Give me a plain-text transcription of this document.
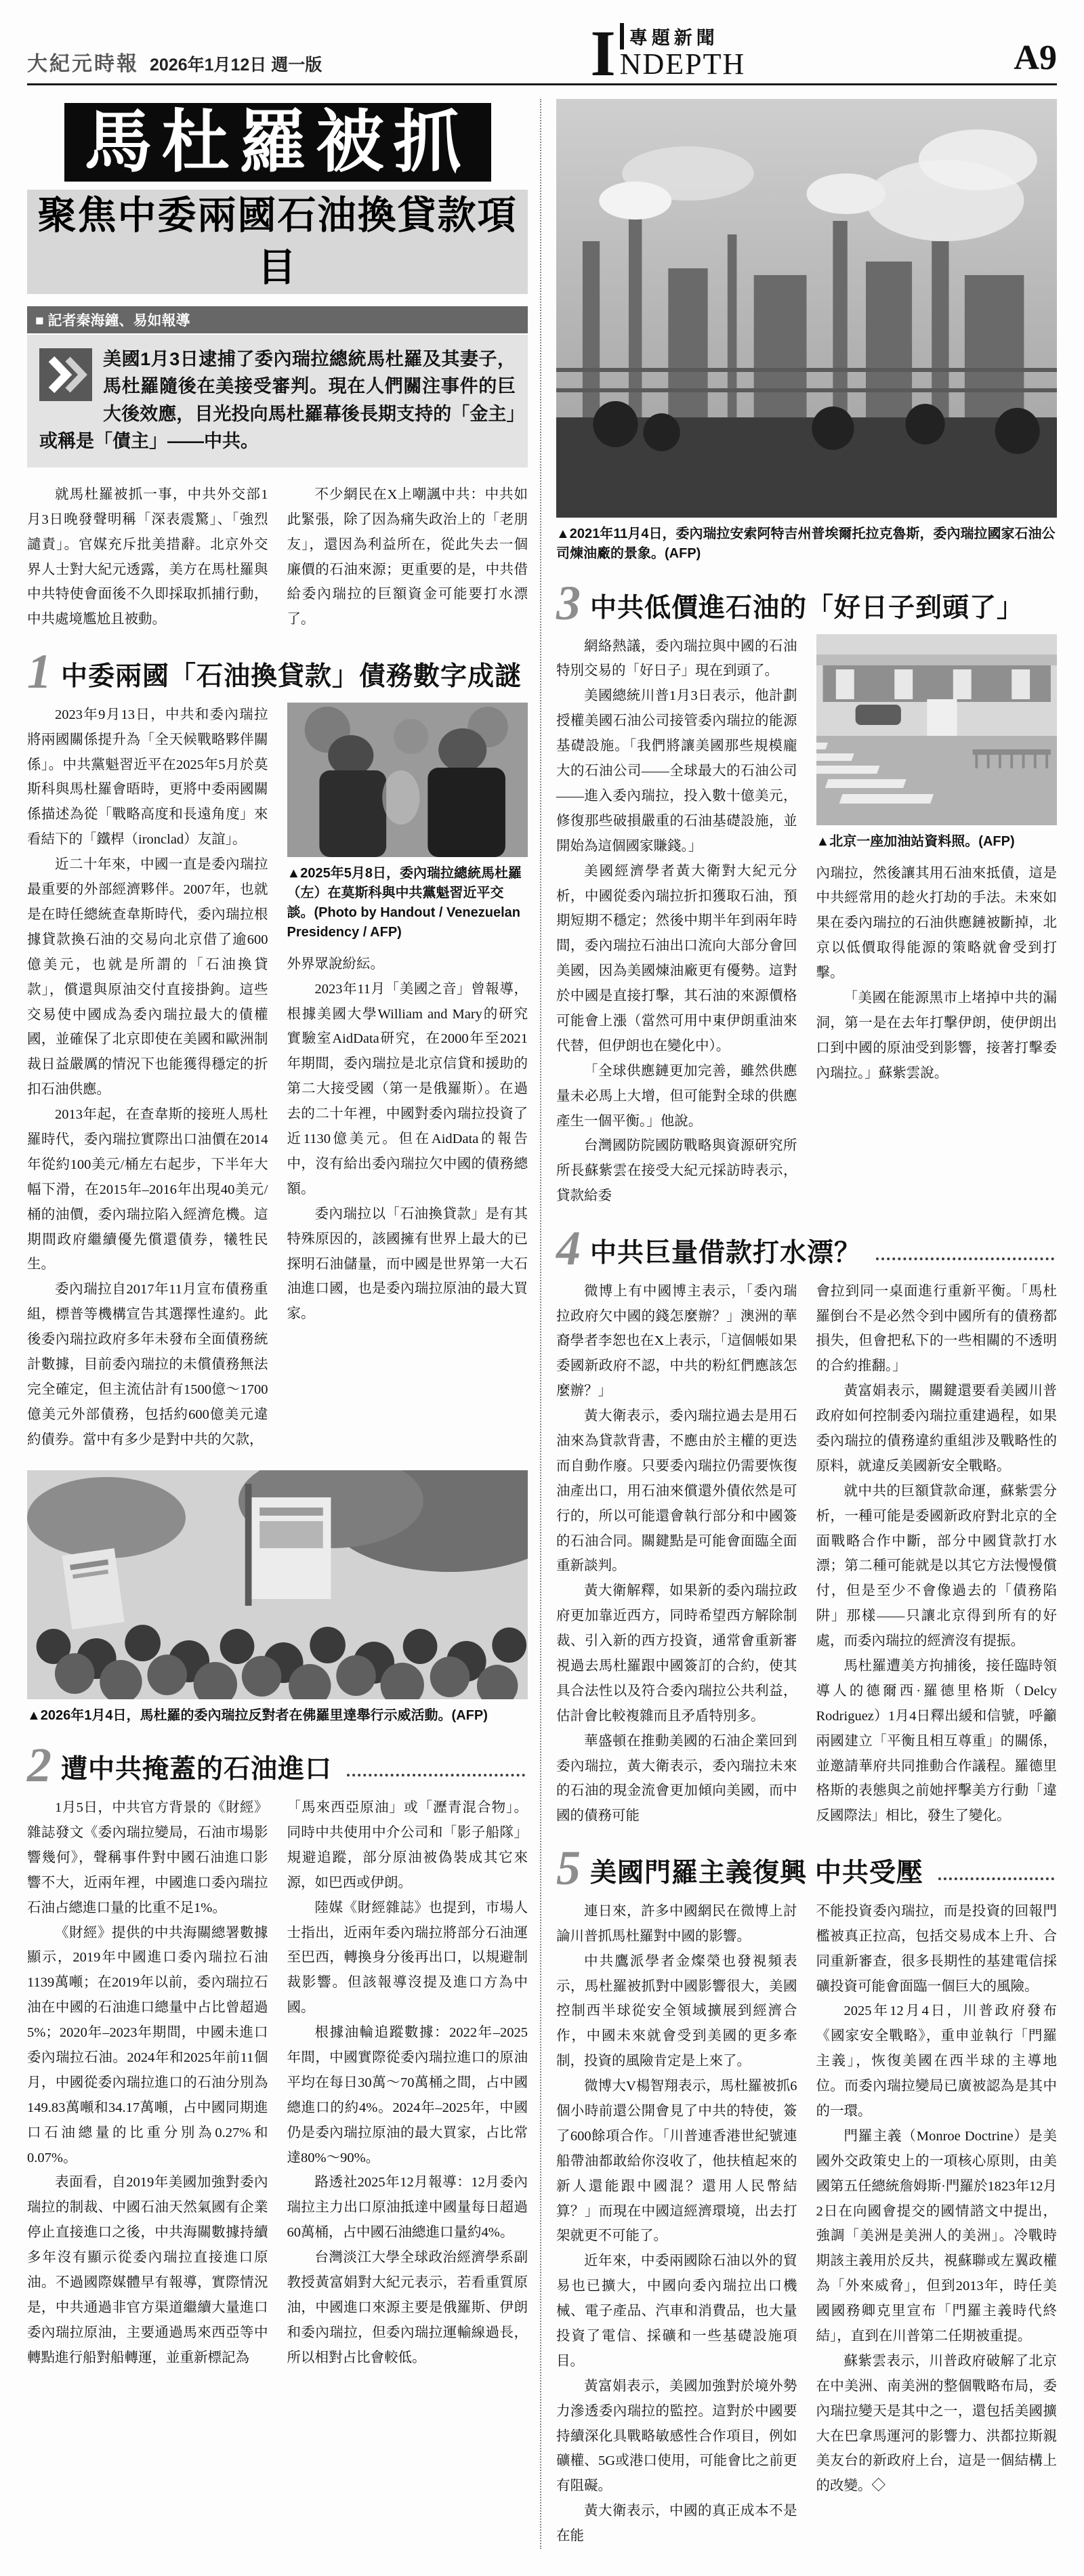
大紀元時報 2026年1月12日 週一版	I 專題新聞
NDEPTH	A9
馬杜羅被抓
聚焦中委兩國石油換貸款項目
■ 記者秦海鐘、易如報導
美國1月3日逮捕了委內瑞拉總統馬杜羅及其妻子，馬杜羅隨後在美接受審判。現在人們關注事件的巨大後效應，目光投向馬杜羅幕後長期支持的「金主」或稱是「債主」——中共。

就馬杜羅被抓一事，中共外交部1月3日晚發聲明稱「深表震驚」、「強烈譴責」。官媒充斥批美措辭。北京外交界人士對大紀元透露，美方在馬杜羅與中共特使會面後不久即採取抓捕行動，中共處境尷尬且被動。

不少網民在X上嘲諷中共：中共如此緊張，除了因為痛失政治上的「老朋友」，還因為利益所在，從此失去一個廉價的石油來源；更重要的是，中共借給委內瑞拉的巨額資金可能要打水漂了。

1 中委兩國「石油換貸款」債務數字成謎

2023年9月13日，中共和委內瑞拉將兩國關係提升為「全天候戰略夥伴關係」。中共黨魁習近平在2025年5月於莫斯科與馬杜羅會晤時，更將中委兩國關係描述為從「戰略高度和長遠角度」來看結下的「鐵桿（ironclad）友誼」。

近二十年來，中國一直是委內瑞拉最重要的外部經濟夥伴。2007年，也就是在時任總統查韋斯時代，委內瑞拉根據貸款換石油的交易向北京借了逾600億美元，也就是所謂的「石油換貸款」，償還與原油交付直接掛鉤。這些交易使中國成為委內瑞拉最大的債權國，並確保了北京即使在美國和歐洲制裁日益嚴厲的情況下也能獲得穩定的折扣石油供應。

2013年起，在查韋斯的接班人馬杜羅時代，委內瑞拉實際出口油價在2014年從約100美元/桶左右起步，下半年大幅下滑，在2015年–2016年出現40美元/桶的油價，委內瑞拉陷入經濟危機。這期間政府繼續優先償還債券，犧牲民生。

委內瑞拉自2017年11月宣布債務重組，標普等機構宣告其選擇性違約。此後委內瑞拉政府多年未發布全面債務統計數據，目前委內瑞拉的未償債務無法完全確定，但主流估計有1500億～1700億美元外部債務，包括約600億美元違約債券。當中有多少是對中共的欠款，

▲2025年5月8日，委內瑞拉總統馬杜羅（左）在莫斯科與中共黨魁習近平交談。(Photo by Handout / Venezuelan Presidency / AFP)

外界眾說紛紜。

2023年11月「美國之音」曾報導，根據美國大學William and Mary的研究實驗室AidData研究，在2000年至2021年期間，委內瑞拉是北京信貸和援助的第二大接受國（第一是俄羅斯）。在過去的二十年裡，中國對委內瑞拉投資了近1130億美元。但在AidData的報告中，沒有給出委內瑞拉欠中國的債務總額。

委內瑞拉以「石油換貸款」是有其特殊原因的，該國擁有世界上最大的已探明石油儲量，而中國是世界第一大石油進口國，也是委內瑞拉原油的最大買家。

▲2026年1月4日，馬杜羅的委內瑞拉反對者在佛羅里達舉行示威活動。(AFP)
2 遭中共掩蓋的石油進口

1月5日，中共官方背景的《財經》雜誌發文《委內瑞拉變局，石油市場影響幾何》，聲稱事件對中國石油進口影響不大，近兩年裡，中國進口委內瑞拉石油占總進口量的比重不足1%。

《財經》提供的中共海關總署數據顯示，2019年中國進口委內瑞拉石油1139萬噸；在2019年以前，委內瑞拉石油在中國的石油進口總量中占比曾超過5%；2020年–2023年期間，中國未進口委內瑞拉石油。2024年和2025年前11個月，中國從委內瑞拉進口的石油分別為149.83萬噸和34.17萬噸，占中國同期進口石油總量的比重分別為0.27%和0.07%。

表面看，自2019年美國加強對委內瑞拉的制裁、中國石油天然氣國有企業停止直接進口之後，中共海關數據持續多年沒有顯示從委內瑞拉直接進口原油。不過國際媒體早有報導，實際情況是，中共通過非官方渠道繼續大量進口委內瑞拉原油，主要通過馬來西亞等中轉點進行船對船轉運，並重新標記為

「馬來西亞原油」或「瀝青混合物」。同時中共使用中介公司和「影子船隊」規避追蹤，部分原油被偽裝成其它來源，如巴西或伊朗。

陸媒《財經雜誌》也提到，市場人士指出，近兩年委內瑞拉將部分石油運至巴西，轉換身分後再出口，以規避制裁影響。但該報導沒提及進口方為中國。

根據油輪追蹤數據：2022年–2025年間，中國實際從委內瑞拉進口的原油平均在每日30萬～70萬桶之間，占中國總進口的約4%。2024年–2025年，中國仍是委內瑞拉原油的最大買家，占比常達80%～90%。

路透社2025年12月報導：12月委內瑞拉主力出口原油抵達中國量每日超過60萬桶，占中國石油總進口量約4%。

台灣淡江大學全球政治經濟學系副教授黃富娟對大紀元表示，若看重質原油，中國進口來源主要是俄羅斯、伊朗和委內瑞拉，但委內瑞拉運輸線過長，所以相對占比會較低。

▲2021年11月4日，委內瑞拉安索阿特吉州普埃爾托拉克魯斯，委內瑞拉國家石油公司煉油廠的景象。(AFP)
3 中共低價進石油的「好日子到頭了」

網絡熱議，委內瑞拉與中國的石油特別交易的「好日子」現在到頭了。

美國總統川普1月3日表示，他計劃授權美國石油公司接管委內瑞拉的能源基礎設施。「我們將讓美國那些規模龐大的石油公司——全球最大的石油公司——進入委內瑞拉，投入數十億美元，修復那些破損嚴重的石油基礎設施，並開始為這個國家賺錢。」

美國經濟學者黃大衛對大紀元分析，中國從委內瑞拉折扣獲取石油，預期短期不穩定；然後中期半年到兩年時間，委內瑞拉石油出口流向大部分會回美國，因為美國煉油廠更有優勢。這對於中國是直接打擊，其石油的來源價格可能會上漲（當然可用中東伊朗重油來代替，但伊朗也在變化中）。

「全球供應鏈更加完善，雖然供應量未必馬上大增，但可能對全球的供應產生一個平衡。」他說。

台灣國防院國防戰略與資源研究所所長蘇紫雲在接受大紀元採訪時表示，貸款給委

▲北京一座加油站資料照。(AFP)

內瑞拉，然後讓其用石油來抵債，這是中共經常用的趁火打劫的手法。未來如果在委內瑞拉的石油供應鏈被斷掉，北京以低價取得能源的策略就會受到打擊。

「美國在能源黑市上堵掉中共的漏洞，第一是在去年打擊伊朗，使伊朗出口到中國的原油受到影響，接著打擊委內瑞拉。」蘇紫雲說。

4 中共巨量借款打水漂？

微博上有中國博主表示，「委內瑞拉政府欠中國的錢怎麼辦？」澳洲的華裔學者李恕也在X上表示，「這個帳如果委國新政府不認，中共的粉紅們應該怎麼辦？」

黃大衛表示，委內瑞拉過去是用石油來為貸款背書，不應由於主權的更迭而自動作廢。只要委內瑞拉仍需要恢復油產出口，用石油來償還外債依然是可行的，所以可能還會執行部分和中國簽的石油合同。關鍵點是可能會面臨全面重新談判。

黃大衛解釋，如果新的委內瑞拉政府更加靠近西方，同時希望西方解除制裁、引入新的西方投資，通常會重新審視過去馬杜羅跟中國簽訂的合約，使其具合法性以及符合委內瑞拉公共利益，估計會比較複雜而且矛盾特別多。

華盛頓在推動美國的石油企業回到委內瑞拉，黃大衛表示，委內瑞拉未來的石油的現金流會更加傾向美國，而中國的債務可能

會拉到同一桌面進行重新平衡。「馬杜羅倒台不是必然令到中國所有的債務都損失，但會把私下的一些相關的不透明的合約推翻。」

黃富娟表示，關鍵還要看美國川普政府如何控制委內瑞拉重建過程，如果委內瑞拉的債務違約重組涉及戰略性的原料，就違反美國新安全戰略。

就中共的巨額貸款命運，蘇紫雲分析，一種可能是委國新政府對北京的全面戰略合作中斷，部分中國貸款打水漂；第二種可能就是以其它方法慢慢償付，但是至少不會像過去的「債務陷阱」那樣——只讓北京得到所有的好處，而委內瑞拉的經濟沒有提振。

馬杜羅遭美方拘捕後，接任臨時領導人的德爾西·羅德里格斯（Delcy Rodriguez）1月4日釋出緩和信號，呼籲兩國建立「平衡且相互尊重」的關係，並邀請華府共同推動合作議程。羅德里格斯的表態與之前她抨擊美方行動「違反國際法」相比，發生了變化。

5 美國門羅主義復興 中共受壓

連日來，許多中國網民在微博上討論川普抓馬杜羅對中國的影響。

中共鷹派學者金燦榮也發視頻表示，馬杜羅被抓對中國影響很大，美國控制西半球從安全領域擴展到經濟合作，中國未來就會受到美國的更多牽制，投資的風險肯定是上來了。

微博大V楊智翔表示，馬杜羅被抓6個小時前還公開會見了中共的特使，簽了600餘項合作。「川普連香港世紀號連船帶油都敢給你沒收了，他扶植起來的新人還能跟中國混？還用人民幣結算？」而現在中國這經濟環境，出去打架就更不可能了。

近年來，中委兩國除石油以外的貿易也已擴大，中國向委內瑞拉出口機械、電子產品、汽車和消費品，也大量投資了電信、採礦和一些基礎設施項目。

黃富娟表示，美國加強對於境外勢力滲透委內瑞拉的監控。這對於中國要持續深化具戰略敏感性合作項目，例如礦權、5G或港口使用，可能會比之前更有阻礙。

黃大衛表示，中國的真正成本不是在能

不能投資委內瑞拉，而是投資的回報門檻被真正拉高，包括交易成本上升、合同重新審查，很多長期性的基建電信採礦投資可能會面臨一個巨大的風險。

2025年12月4日，川普政府發布《國家安全戰略》，重申並執行「門羅主義」，恢復美國在西半球的主導地位。而委內瑞拉變局已廣被認為是其中的一環。

門羅主義（Monroe Doctrine）是美國外交政策史上的一項核心原則，由美國第五任總統詹姆斯·門羅於1823年12月2日在向國會提交的國情諮文中提出，強調「美洲是美洲人的美洲」。冷戰時期該主義用於反共，視蘇聯或左翼政權為「外來威脅」，但到2013年，時任美國國務卿克里宣布「門羅主義時代終結」，直到在川普第二任期被重提。

蘇紫雲表示，川普政府破解了北京在中美洲、南美洲的整個戰略布局，委內瑞拉變天是其中之一，還包括美國擴大在巴拿馬運河的影響力、洪都拉斯親美友台的新政府上台，這是一個結構上的改變。◇
